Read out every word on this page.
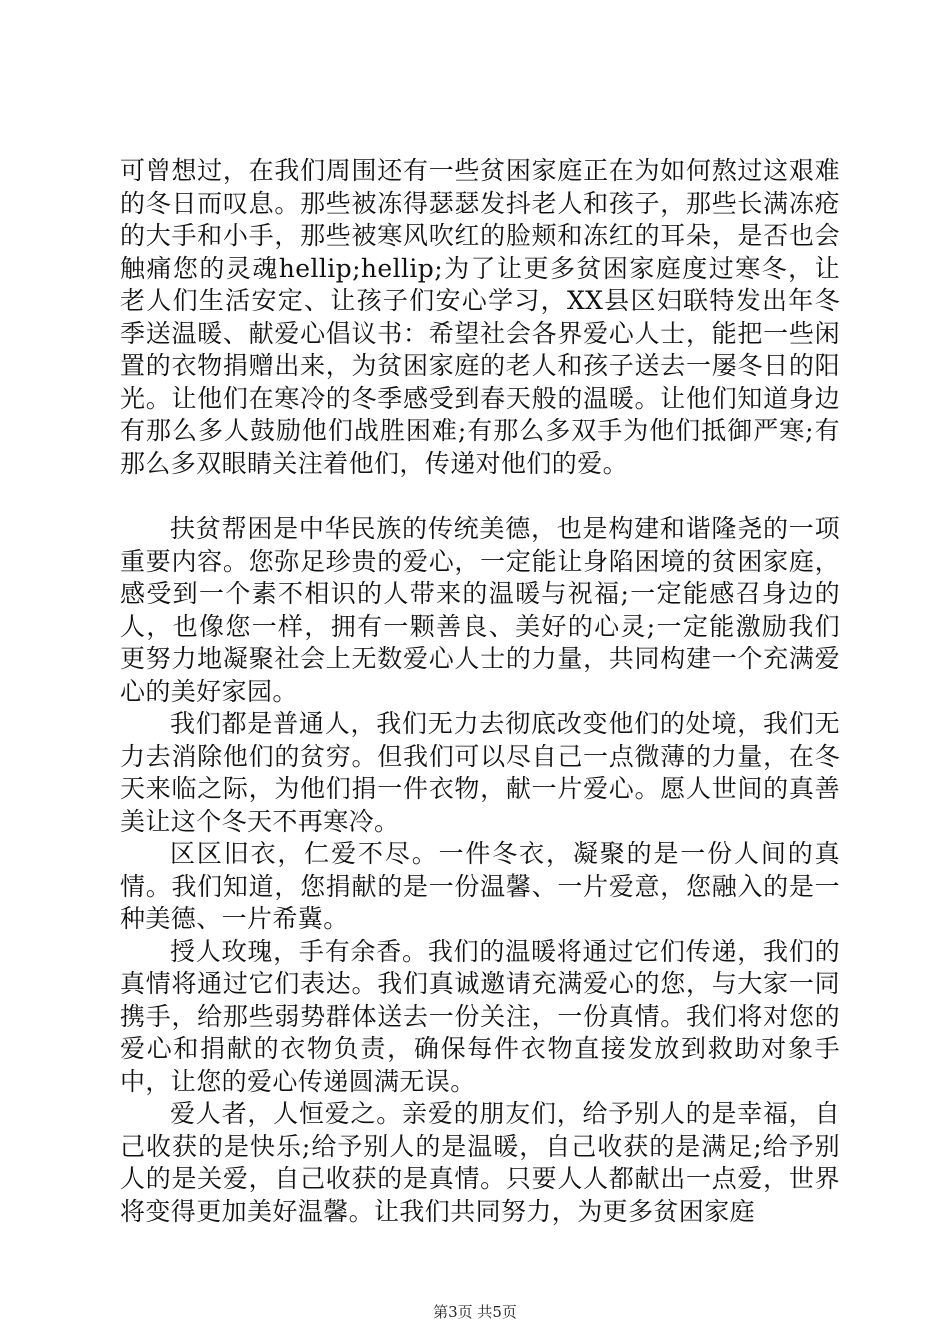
可曾想过，在我们周围还有一些贫困家庭正在为如何熬过这艰难的冬日而叹息。那些被冻得瑟瑟发抖老人和孩子，那些长满冻疮的大手和小手，那些被寒风吹红的脸颊和冻红的耳朵，是否也会触痛您的灵魂hellip;hellip;为了让更多贫困家庭度过寒冬，让老人们生活安定、让孩子们安心学习，XX县区妇联特发出年冬季送温暖、献爱心倡议书：希望社会各界爱心人士，能把一些闲置的衣物捐赠出来，为贫困家庭的老人和孩子送去一屡冬日的阳光。让他们在寒冷的冬季感受到春天般的温暖。让他们知道身边有那么多人鼓励他们战胜困难;有那么多双手为他们抵御严寒;有那么多双眼睛关注着他们，传递对他们的爱。

扶贫帮困是中华民族的传统美德，也是构建和谐隆尧的一项重要内容。您弥足珍贵的爱心，一定能让身陷困境的贫困家庭，感受到一个素不相识的人带来的温暖与祝福;一定能感召身边的人，也像您一样，拥有一颗善良、美好的心灵;一定能激励我们更努力地凝聚社会上无数爱心人士的力量，共同构建一个充满爱心的美好家园。

我们都是普通人，我们无力去彻底改变他们的处境，我们无力去消除他们的贫穷。但我们可以尽自己一点微薄的力量，在冬天来临之际，为他们捐一件衣物，献一片爱心。愿人世间的真善美让这个冬天不再寒冷。

区区旧衣，仁爱不尽。一件冬衣，凝聚的是一份人间的真情。我们知道，您捐献的是一份温馨、一片爱意，您融入的是一种美德、一片希冀。

授人玫瑰，手有余香。我们的温暖将通过它们传递，我们的真情将通过它们表达。我们真诚邀请充满爱心的您，与大家一同携手，给那些弱势群体送去一份关注，一份真情。我们将对您的爱心和捐献的衣物负责，确保每件衣物直接发放到救助对象手中，让您的爱心传递圆满无误。

爱人者，人恒爱之。亲爱的朋友们，给予别人的是幸福，自己收获的是快乐;给予别人的是温暖，自己收获的是满足;给予别人的是关爱，自己收获的是真情。只要人人都献出一点爱，世界将变得更加美好温馨。让我们共同努力，为更多贫困家庭

第3页 共5页
